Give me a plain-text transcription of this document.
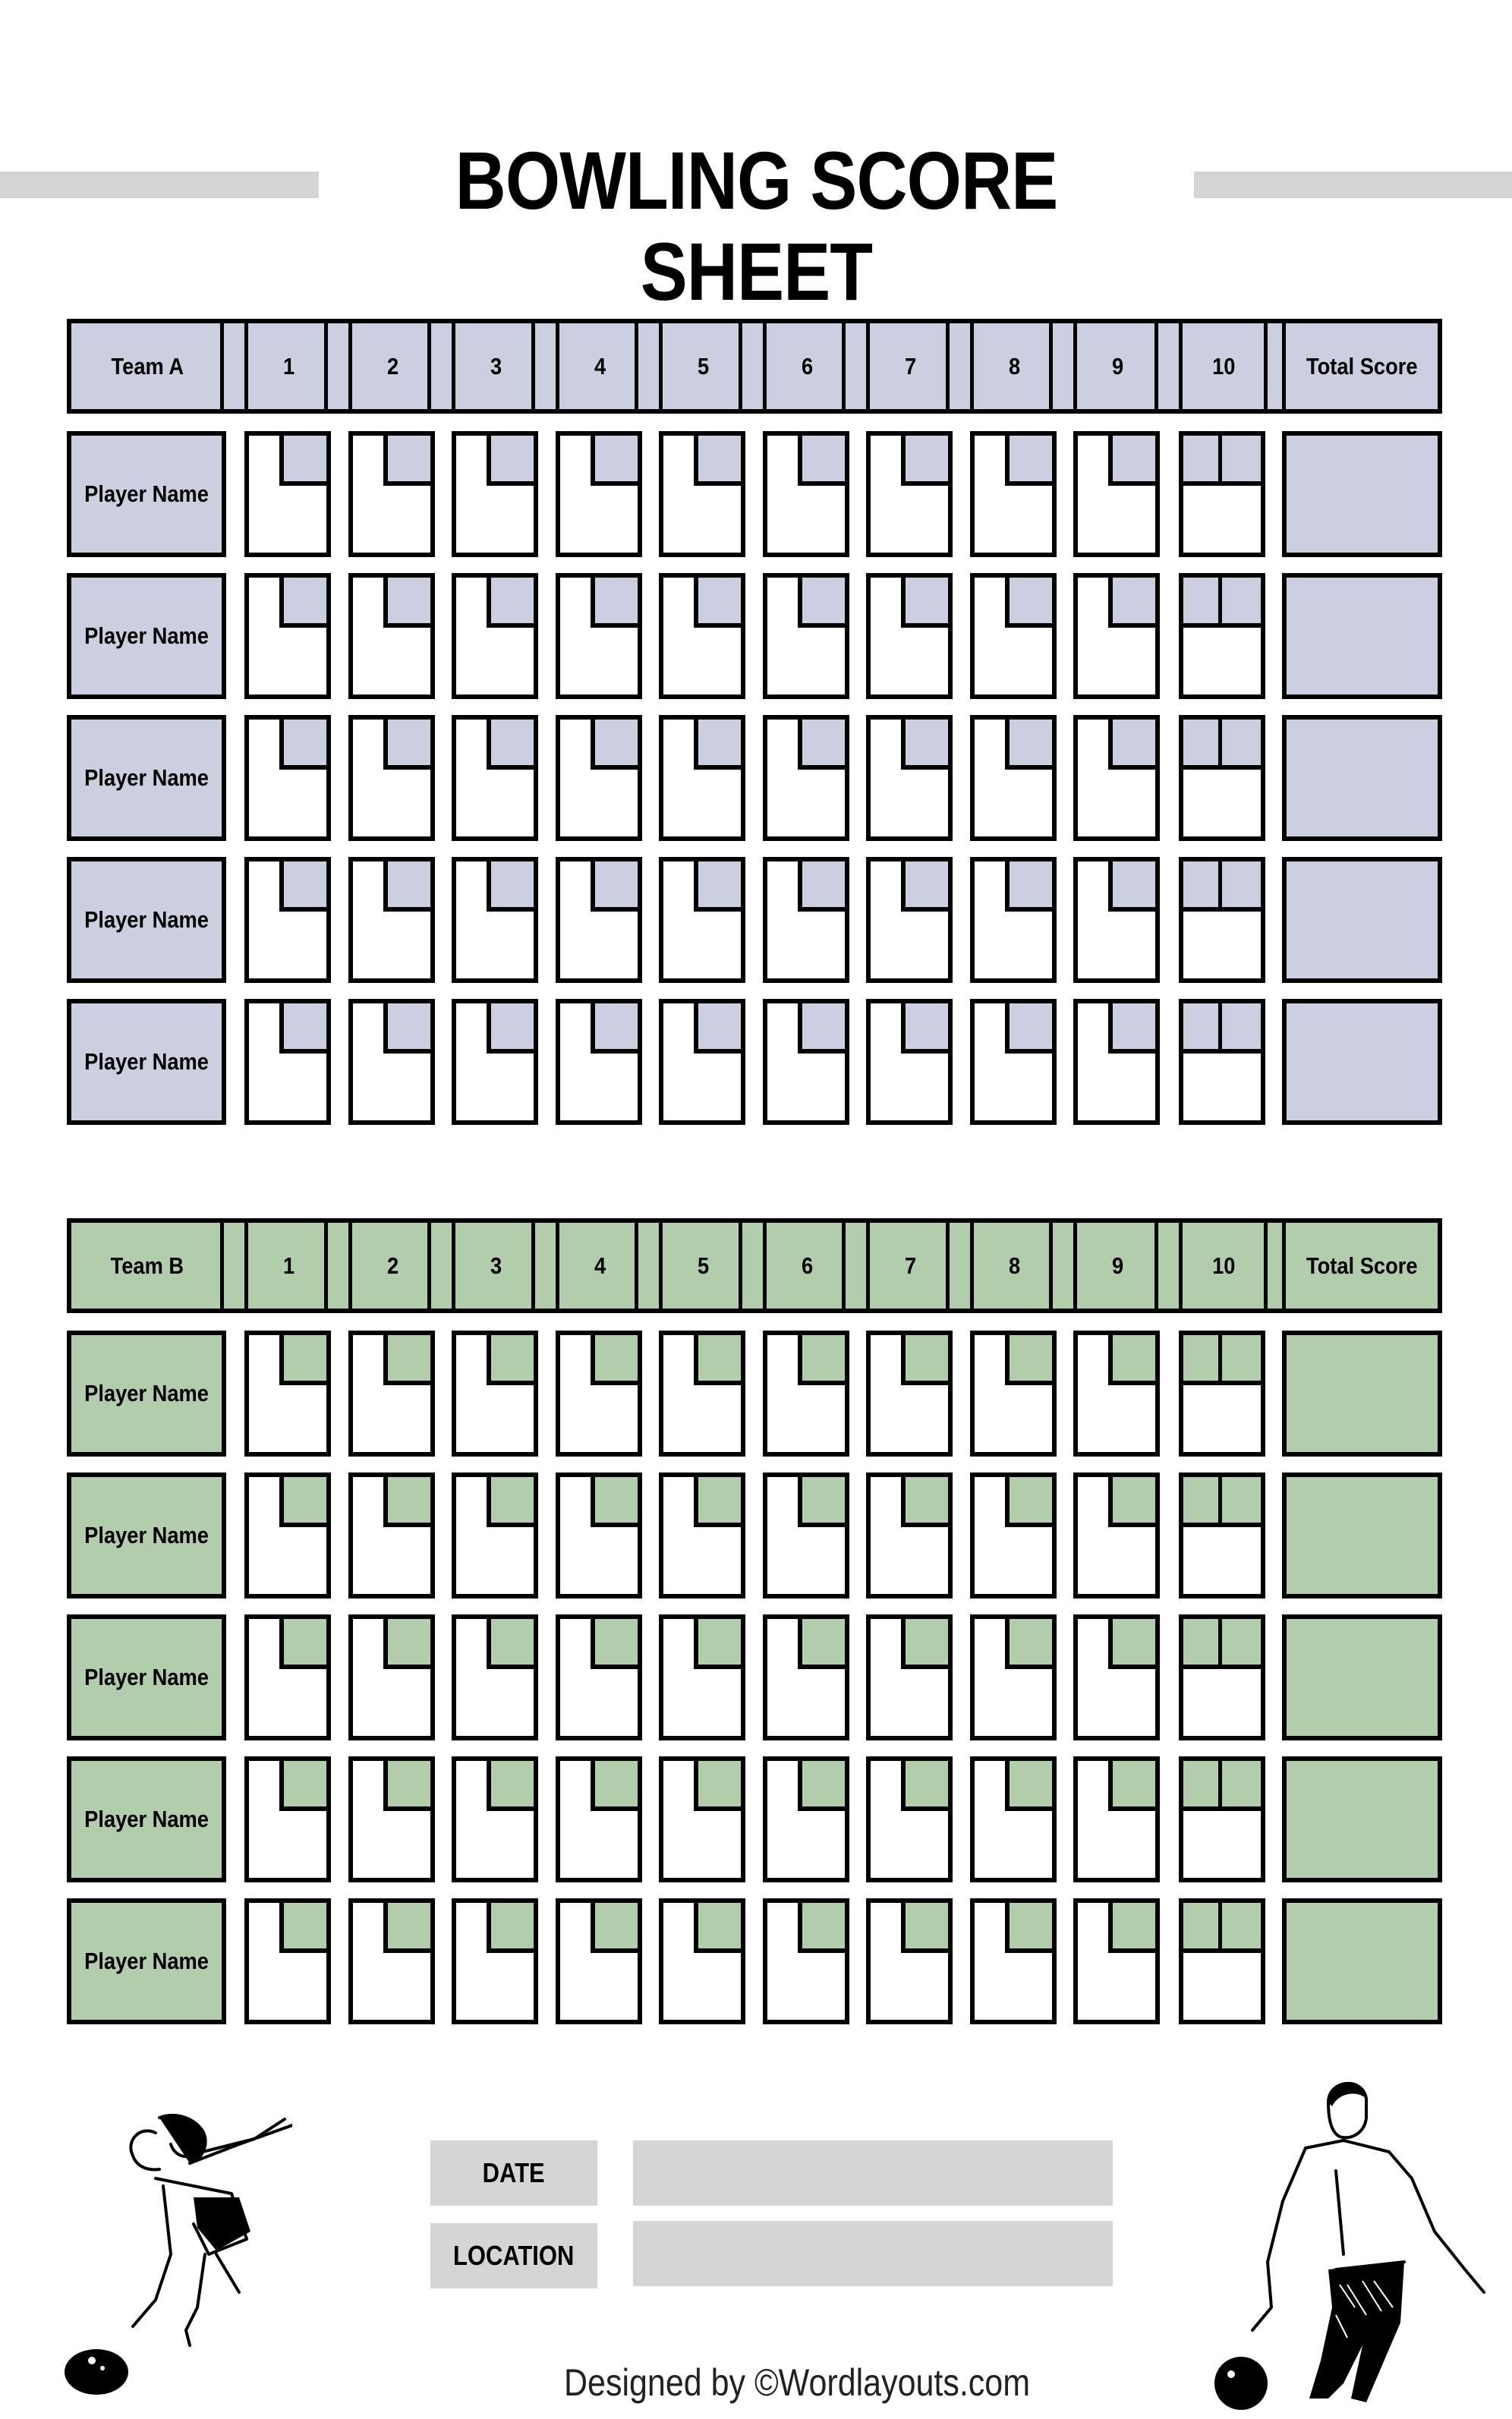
BOWLING SCORE SHEET
Team A	1	2	3	4	5	6	7	8	9	10	Total Score
Player Name
Player Name
Player Name
Player Name
Player Name
Team B	1	2	3	4	5	6	7	8	9	10	Total Score
Player Name
Player Name
Player Name
Player Name
Player Name
DATE
LOCATION
Designed by ©Wordlayouts.com
